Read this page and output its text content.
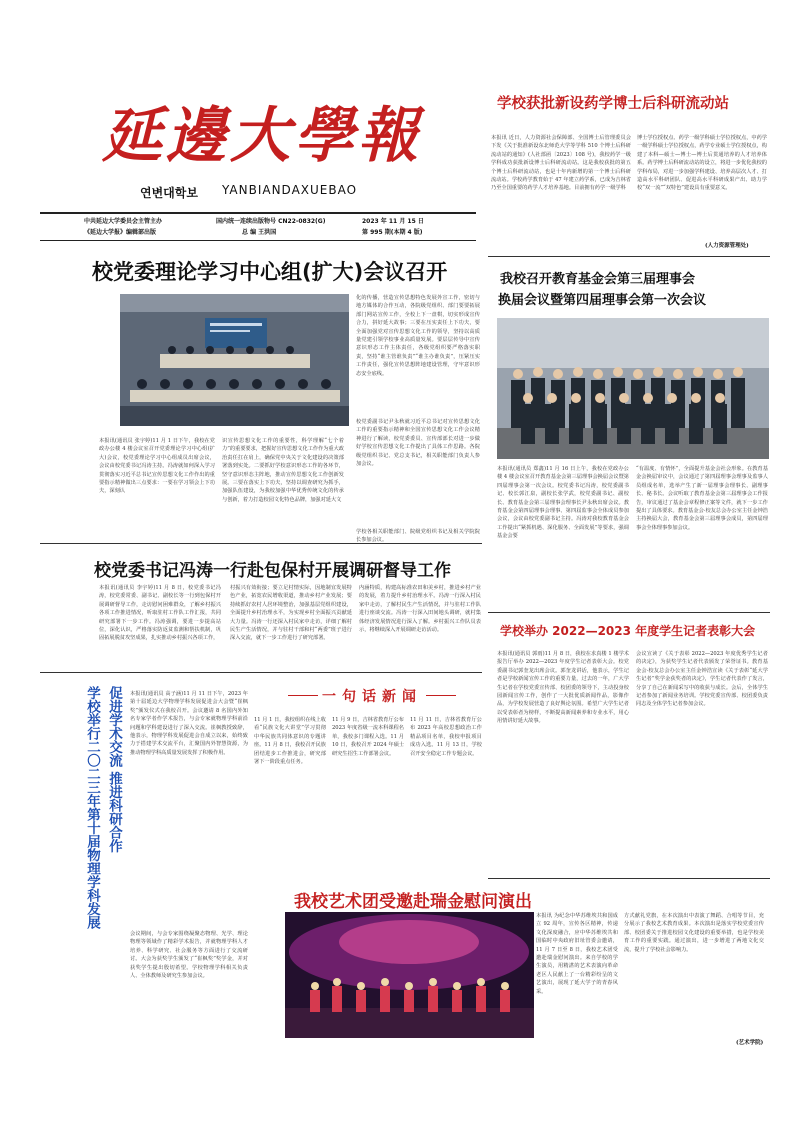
延邊大學報
연변대학보 YANBIANDAXUEBAO
中共延边大学委员会主管主办
《延边大学报》编辑部出版
国内统一连续出版物号 CN22-0832(G)
总 编 王洪国
2023 年 11 月 15 日
第 995 期(本期 4 版)
学校获批新设药学博士后科研流动站
本报讯 近日，人力资源社会保障部、全国博士后管理委员会下发《关于批准新设东北师范大学等学科 510 个博士后科研流动站的通知》(人社部函〔2023〕108 号)，我校药学一级学科成功获批新设博士后科研流动站。这是我校获批的第五个博士后科研流动站，也是十年内新增的第一个博士后科研流动站。学校药学教育始于 47 年建立药学系，已成为吉林省乃至全国重要的药学人才培养基地。目前拥有药学一级学科
博士学位授权点、药学一级学科硕士学位授权点，中药学一级学科硕士学位授权点，药学专业硕士学位授权点，构建了本科—硕士—博士—博士后贯通培养的人才培养体系。药学博士后科研流动站的设立，将进一步优化我校的学科布局，对进一步加强学科建设、培养高层次人才、打造高水平科研团队、促进高水平科研成果产出、助力学校“双一流”“双特色”建设具有重要意义。
(人力资源管理处)
校党委理论学习中心组(扩大)会议召开
本报讯(通讯员 张宇婷)11 月 1 日下午，我校在党政办公楼 4 楼会议室召开党委理论学习中心组(扩大)会议，校党委理论学习中心组成员出席会议，会议由校党委书记冯涛主持。冯涛就如何深入学习贯彻落实习近平总书记宣传思想文化工作作出的重要指示精神做出三点要求：一要在学习领会上下功夫，深刻认
识宣传思想文化工作的重要性，科学理解“七个着力”的重要要求，把握好宣传思想文化工作作为重大政治责任扛在肩上，确保党中央关于文化建设的决策部署落到实处。二要抓好学校意识形态工作的各环节，坚守意识形态主阵地，推动宣传思想文化工作创新发展。三要在落实上下功夫，坚持以调查研究为抓手，加强队伍建设，为我校加强中华优秀传统文化的传承与创新，着力打造校园文化特色品牌，加强对延大文
化的传播，营造宣传思想特色发展外宣工作，密切与地方媒体的合作互动，各院级党组织、部门要要拓展部门网站宣传工作，全校上下一盘棋，切实形成宣传合力，拼好延大故事；三要在压实责任上下功夫，要全面加强党对宣传思想文化工作的领导，坚持以高质量党建引领学校事业高质量发展。要层层传导中宣传意识形态工作主体责任，各级党组织要严格落实职责，坚持“谁主管谁负责”“谁主办谁负责”，压紧压实工作责任，强化宣传思想阵地建设管理，守牢意识形态安全底线。
校党委副书记尹永秋就习近平总书记对宣传思想文化工作的重要指示精神和全国宣传思想文化工作会议精神进行了解读，校党委委员、宣传部部长对进一步做好学校宣传思想文化工作提出了具体工作思路。各院级党组织书记、党总支书记，相关职能部门负责人参加会议。
学校各相关职能部门、院级党组织书记及相关学院院长参加会议。
我校召开教育基金会第三届理事会
换届会议暨第四届理事会第一次会议
本报讯(通讯员 郑鑫)11 月 16 日上午，我校在党政办公楼 4 楼会议室召开教育基金会第三届理事会换届会议暨第四届理事会第一次会议。校党委书记冯涛，校党委副书记、校长郭江泉，副校长张学武，校党委副书记、副校长、教育基金会第三届理事会理事长尹永秋出席会议。教育基金会第四届理事会理事、第四届监事会全体成员参加会议，会议由校党委副书记主持。冯涛对我校教育基金会工作提出“紧抓机遇、深化服务、全面发展”等要求，强调基金会要
“有温度、有情怀”，全面提升基金会社会形象。在教育基金会换届审议中，会议通过了第四届理事会理事及监事人员组成名单，选举产生了新一届理事会理事长、副理事长、秘书长。会议听取了教育基金会第三届理事会工作报告，审议通过了基金会章程修正案等文件，就下一步工作提出了具体要求。教育基金会·校友总会办公室主任金钟浩主持换届大会，教育基金会第三届理事会成员，第四届理事会全体理事参加会议。
校党委书记冯涛一行赴包保村开展调研督导工作
本报讯(通讯员 李宇婷)11 月 8 日，校党委书记冯涛，校党委常委、副书记、副校长等一行到包保村开展调研督导工作，走访慰问困难群众，了解乡村振兴各项工作推进情况，听取驻村工作队工作汇报，共同研究部署下一步工作。冯涛强调，要进一步提高站位，深化认识，严格落实防返贫监测和帮扶机制，巩固拓展脱贫攻坚成果，扎实推动乡村振兴各项工作，
村振兴有效衔接；要立足村情实际，因地制宜发展特色产业，拓宽农民增收渠道，推动乡村产业发展；要持续抓好农村人居环境整治，加强基层党组织建设，全面提升乡村治理水平，为实现乡村全面振兴贡献延大力量。冯涛一行还深入村民家中走访，详细了解村民生产生活情况，并与驻村干部和村“两委”班子进行深入交流，就下一步工作进行了研究部署。
内涵特质，构建高标准农田和美乡村，推进乡村产业的发展，着力提升乡村治理水平。冯涛一行深入村民家中走访，了解村民生产生活情况，并与驻村工作队进行座谈交流。冯涛一行深入田间地头调研，就村集体经济发展情况进行深入了解。乡村振兴工作队员表示，将继续深入开展调研走访活动。	学校举办 2022—2023 年度学生记者表彰大会
本报讯(通讯员 郭雨)11 月 8 日，我校在求真楼 1 楼学术报告厅举办 2022—2023 年度学生记者表彰大会。校党委副书记郭奎龙出席会议。郭奎龙讲话，他表示，学生记者是学校新闻宣传工作的重要力量，过去的一年，广大学生记者在学校党委宣传部、校团委的领导下，主动投身校园新闻宣传工作，创作了一大批优质新闻作品，影像作品，为学校发展营造了良好舆论氛围。希望广大学生记者以受表彰者为榜样，不断提高新闻素养和专业水平，用心用情讲好延大故事。
会议宣读了《关于表彰 2022—2023 年度优秀学生记者的决定》，为获奖学生记者代表颁发了荣誉证书。教育基金会·校友总会办公室主任金钟浩宣读《关于表彰“延大学生记者”奖学金获奖者的决定》，学生记者代表作了发言，分享了自己在新闻采写中的收获与成长。会后，全体学生记者参加了新闻业务培训。学校党委宣传部、校团委负责同志及全体学生记者参加会议。
促进学术交流 推进科研合作
学校举行二〇二三年第十届物理学科发展	本报讯(通讯员 高子涵)11 月 11 日下午，2023 年第十届延边大学物理学科发展促进会大会暨“崔枫奖”颁发仪式在我校召开。会议邀请 8 名国内外知名专家学者作学术报告，与会专家就物理学科前沿问题和学科建设进行了深入交流。崔枫教授致辞，他表示，物理学科发展促进会自成立以来，始终致力于搭建学术交流平台，汇聚国内外智慧资源，为推动物理学科高质量发展发挥了积极作用。
会议期间，与会专家围绕凝聚态物理、光学、理论物理等领域作了精彩学术报告，并就物理学科人才培养、科学研究、社会服务等方面进行了交流研讨。大会为获奖学生颁发了“崔枫奖”奖学金，并对获奖学生提出殷切希望。学校物理学科相关负责人、全体教师及研究生参加会议。
一句话新闻
11 月 1 日，我校组织在线上收看“民族文化大讲堂”学习贯彻中华民族共同体意识的专题讲座。11 月 8 日，我校召开民族团结进步工作推进会，研究部署下一阶段重点任务。
11 月 9 日，吉林省教育厅公布 2023 年度省级一流本科课程名单，我校多门课程入选。11 月 10 日，我校召开 2024 年硕士研究生招生工作部署会议。
11 月 11 日，吉林省教育厅公布 2023 年高校思想政治工作精品项目名单，我校申报项目成功入选。11 月 13 日，学校召开安全稳定工作专题会议。
我校艺术团受邀赴瑞金慰问演出
本报讯 为纪念中华苏维埃共和国成立 92 周年，宣传各区精神，传递文化深度融合，应中华苏维埃共和国临时中央政府旧址管委会邀请，11 月 7 日至 8 日，我校艺术团受邀赴瑞金慰问演出。来自学校的学生演员，用精湛的艺术表演向革命老区人民献上了一台精彩纷呈的文艺演出，展现了延大学子的青春风采。
方式献礼党旗，在本次演出中表演了舞蹈、合唱等节目，充分展示了我校艺术教育成果。本次演出是落实学校党委宣传部、校团委关于推进校园文化建设的重要举措，也是学校美育工作的重要实践。通过演出，进一步增进了两地文化交流，提升了学校社会影响力。
(艺术学院)
